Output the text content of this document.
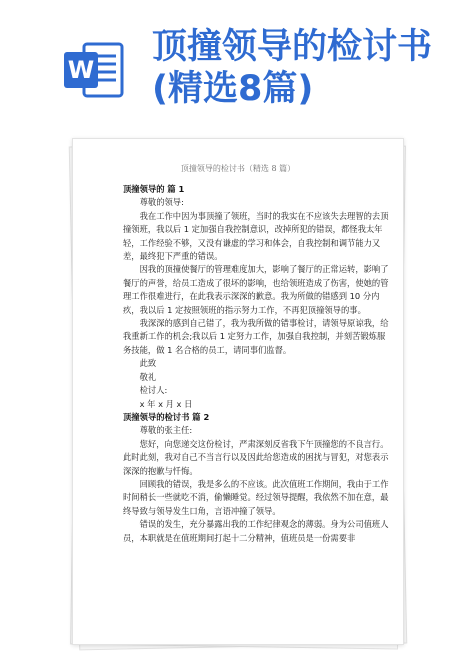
W
顶撞领导的检讨书
(精选8篇)
顶撞领导的检讨书（精选 8 篇）
顶撞领导的 篇 1
尊敬的领导:
我在工作中因为事顶撞了领班，当时的我实在不应该失去理智的去顶撞领班，我以后 1 定加强自我控制意识，改掉所犯的错误，都怪我太年轻，工作经验不够，又没有谦虚的学习和体会，自我控制和调节能力又差，最终犯下严重的错误。
因我的顶撞使餐厅的管理难度加大，影响了餐厅的正常运转，影响了餐厅的声誉，给员工造成了很坏的影响，也给领班造成了伤害，使她的管理工作很难进行，在此我表示深深的歉意。我为所做的错感到 10 分内疚，我以后 1 定按照领班的指示努力工作，不再犯顶撞领导的事。
我深深的感到自己错了，我为我所做的错事检讨，请领导原谅我，给我重新工作的机会;我以后 1 定努力工作，加强自我控制，并刻苦锻炼服务技能，做 1 名合格的员工，请同事们监督。
此致
敬礼
检讨人:
x 年 x 月 x 日
顶撞领导的检讨书 篇 2
尊敬的张主任:
您好，向您递交这份检讨，严肃深刻反省我下午顶撞您的不良言行。此时此刻，我对自己不当言行以及因此给您造成的困扰与冒犯，对您表示深深的抱歉与忏悔。
回顾我的错误，我是多么的不应该。此次值班工作期间，我由于工作时间稍长一些就吃不消，偷懒睡觉。经过领导提醒，我依然不加在意，最终导致与领导发生口角，言语冲撞了领导。
错误的发生，充分暴露出我的工作纪律观念的薄弱。身为公司值班人员，本职就是在值班期间打起十二分精神，值班员是一份需要非
